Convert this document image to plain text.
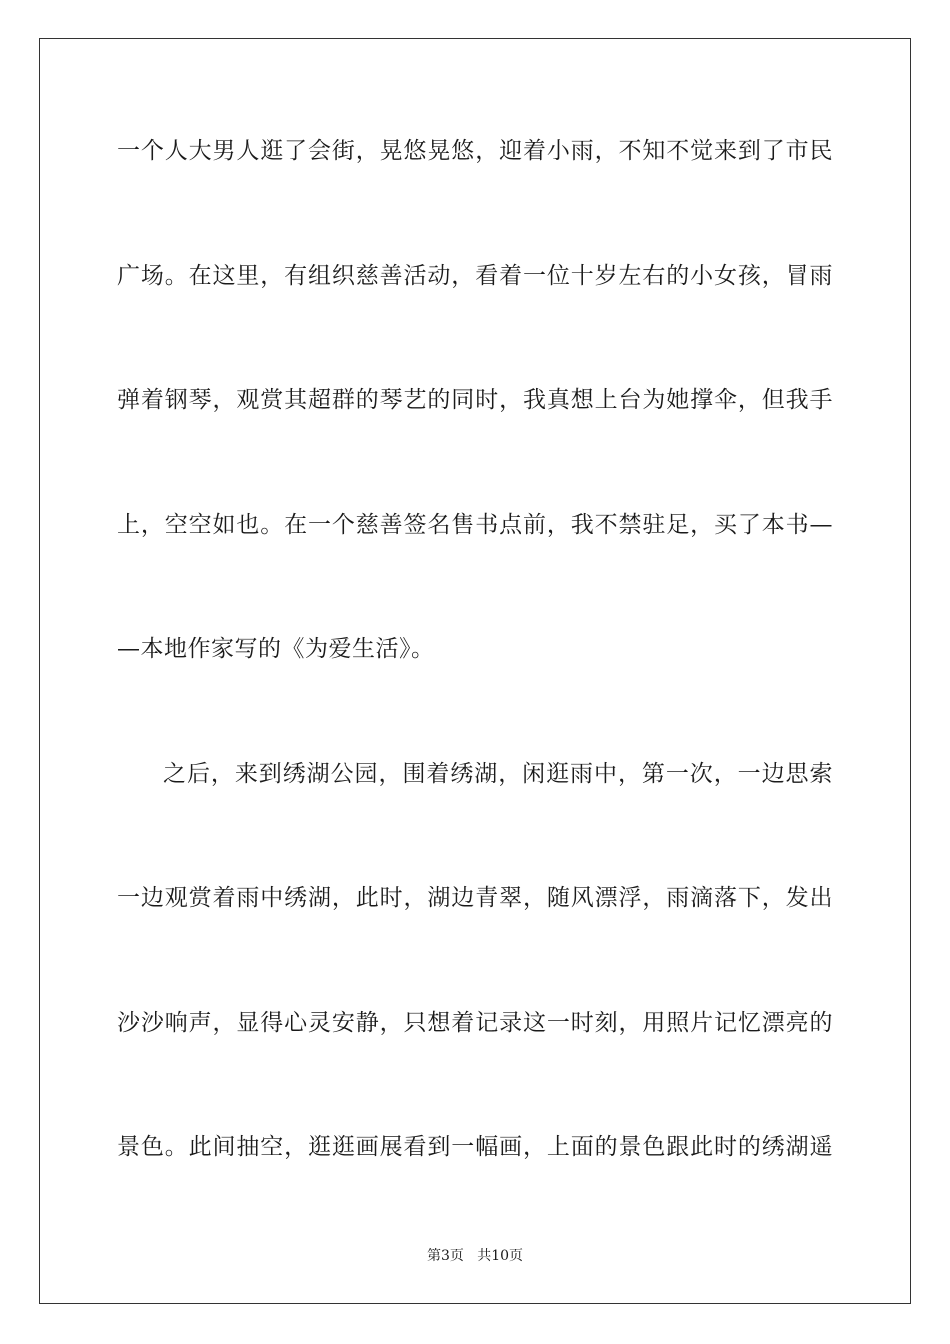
一个人大男人逛了会街，晃悠晃悠，迎着小雨，不知不觉来到了市民
广场。在这里，有组织慈善活动，看着一位十岁左右的小女孩，冒雨
弹着钢琴，观赏其超群的琴艺的同时，我真想上台为她撑伞，但我手
上，空空如也。在一个慈善签名售书点前，我不禁驻足，买了本书—
—本地作家写的《为爱生活》。
之后，来到绣湖公园，围着绣湖，闲逛雨中，第一次，一边思索
一边观赏着雨中绣湖，此时，湖边青翠，随风漂浮，雨滴落下，发出
沙沙响声，显得心灵安静，只想着记录这一时刻，用照片记忆漂亮的
景色。此间抽空，逛逛画展看到一幅画，上面的景色跟此时的绣湖遥
第3页   共10页
